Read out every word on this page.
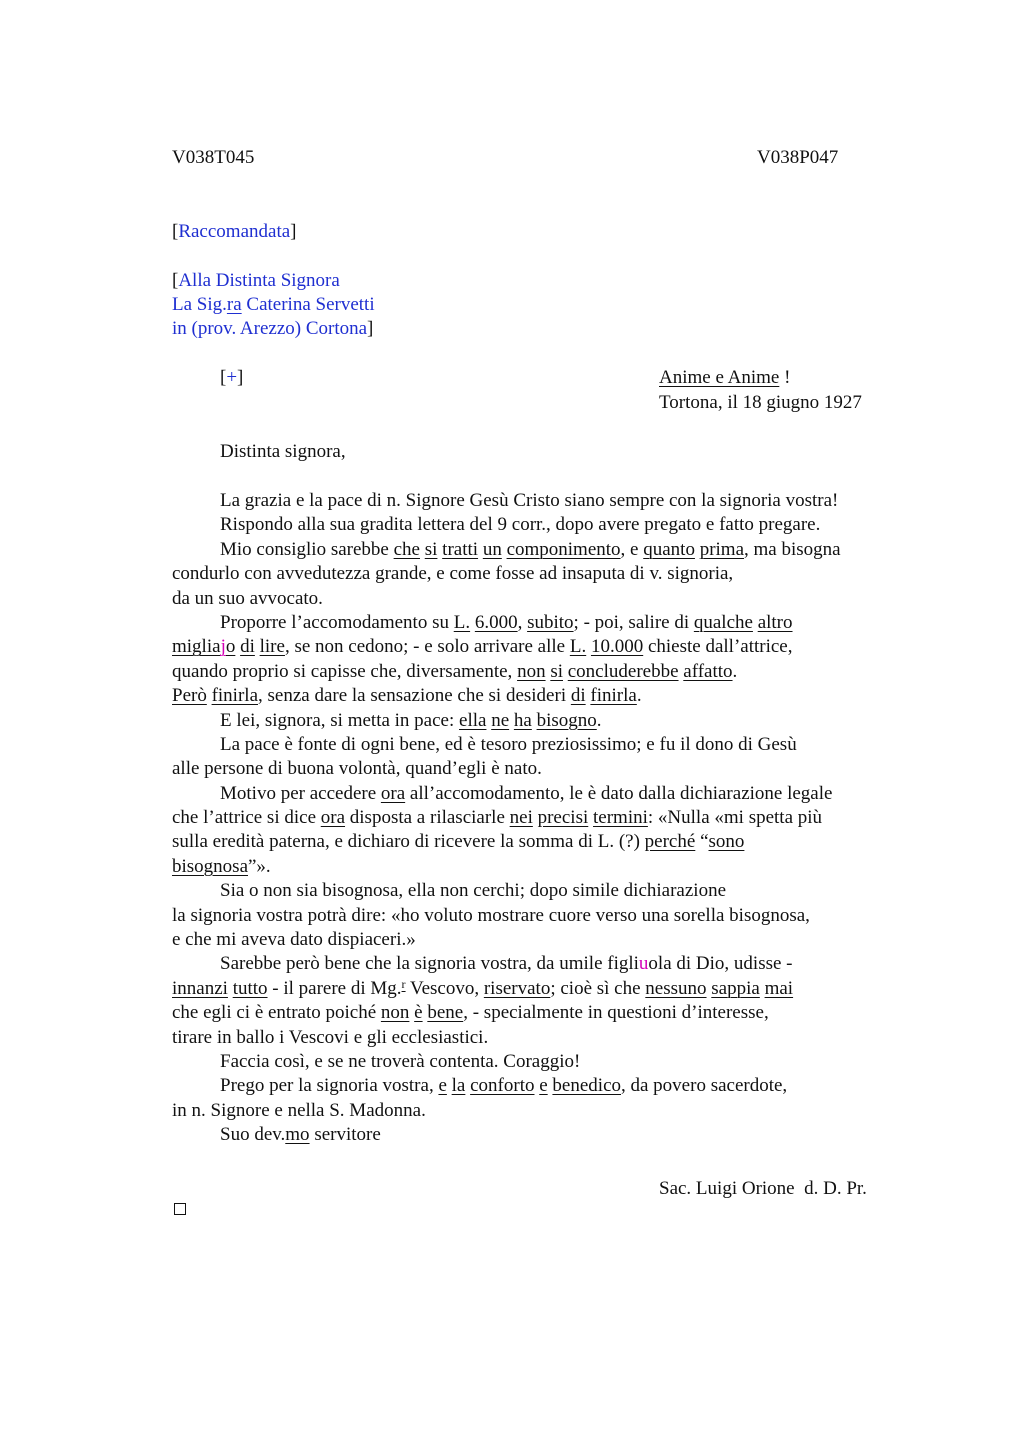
V038T045	V038P047
[Raccomandata]
[Alla Distinta Signora
La Sig.ra Caterina Servetti
in (prov. Arezzo) Cortona]
[+]	Anime e Anime !
Tortona, il 18 giugno 1927
Distinta signora,
La grazia e la pace di n. Signore Gesù Cristo siano sempre con la signoria vostra!
Rispondo alla sua gradita lettera del 9 corr., dopo avere pregato e fatto pregare.
Mio consiglio sarebbe che si tratti un componimento, e quanto prima, ma bisogna
condurlo con avvedutezza grande, e come fosse ad insaputa di v. signoria,
da un suo avvocato.
Proporre l’accomodamento su L. 6.000, subito; - poi, salire di qualche altro
migliajo di lire, se non cedono; - e solo arrivare alle L. 10.000 chieste dall’attrice,
quando proprio si capisse che, diversamente, non si concluderebbe affatto.
Però finirla, senza dare la sensazione che si desideri di finirla.
E lei, signora, si metta in pace: ella ne ha bisogno.
La pace è fonte di ogni bene, ed è tesoro preziosissimo; e fu il dono di Gesù
alle persone di buona volontà, quand’egli è nato.
Motivo per accedere ora all’accomodamento, le è dato dalla dichiarazione legale
che l’attrice si dice ora disposta a rilasciarle nei precisi termini: «Nulla «mi spetta più
sulla eredità paterna, e dichiaro di ricevere la somma di L. (?) perché “sono
bisognosa”».
Sia o non sia bisognosa, ella non cerchi; dopo simile dichiarazione
la signoria vostra potrà dire: «ho voluto mostrare cuore verso una sorella bisognosa,
e che mi aveva dato dispiaceri.»
Sarebbe però bene che la signoria vostra, da umile figliuola di Dio, udisse -
innanzi tutto - il parere di Mg.$^r$ Vescovo, riservato; cioè sì che nessuno sappia mai
che egli ci è entrato poiché non è bene, - specialmente in questioni d’interesse,
tirare in ballo i Vescovi e gli ecclesiastici.
Faccia così, e se ne troverà contenta. Coraggio!
Prego per la signoria vostra, e la conforto e benedico, da povero sacerdote,
in n. Signore e nella S. Madonna.
Suo dev.mo servitore
Sac. Luigi Orione  d. D. Pr.
